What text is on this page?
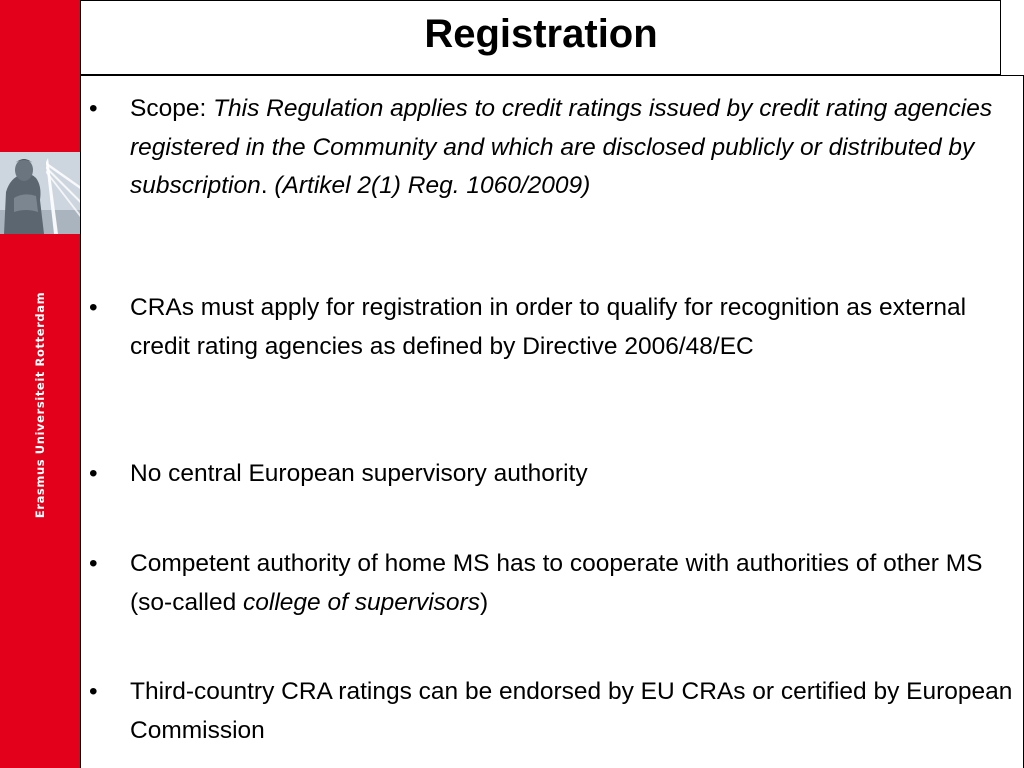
Erasmus Universiteit Rotterdam
Registration
•	Scope: This Regulation applies to credit ratings issued by credit rating agencies registered in the Community and which are disclosed publicly or distributed by subscription. (Artikel 2(1) Reg. 1060/2009)
•	CRAs must apply for registration in order to qualify for recognition as external credit rating agencies as defined by Directive 2006/48/EC
•	No central European supervisory authority
•	Competent authority of home MS has to cooperate with authorities of other MS (so-called college of supervisors)
•	Third-country CRA ratings can be endorsed by EU CRAs or certified by European Commission
